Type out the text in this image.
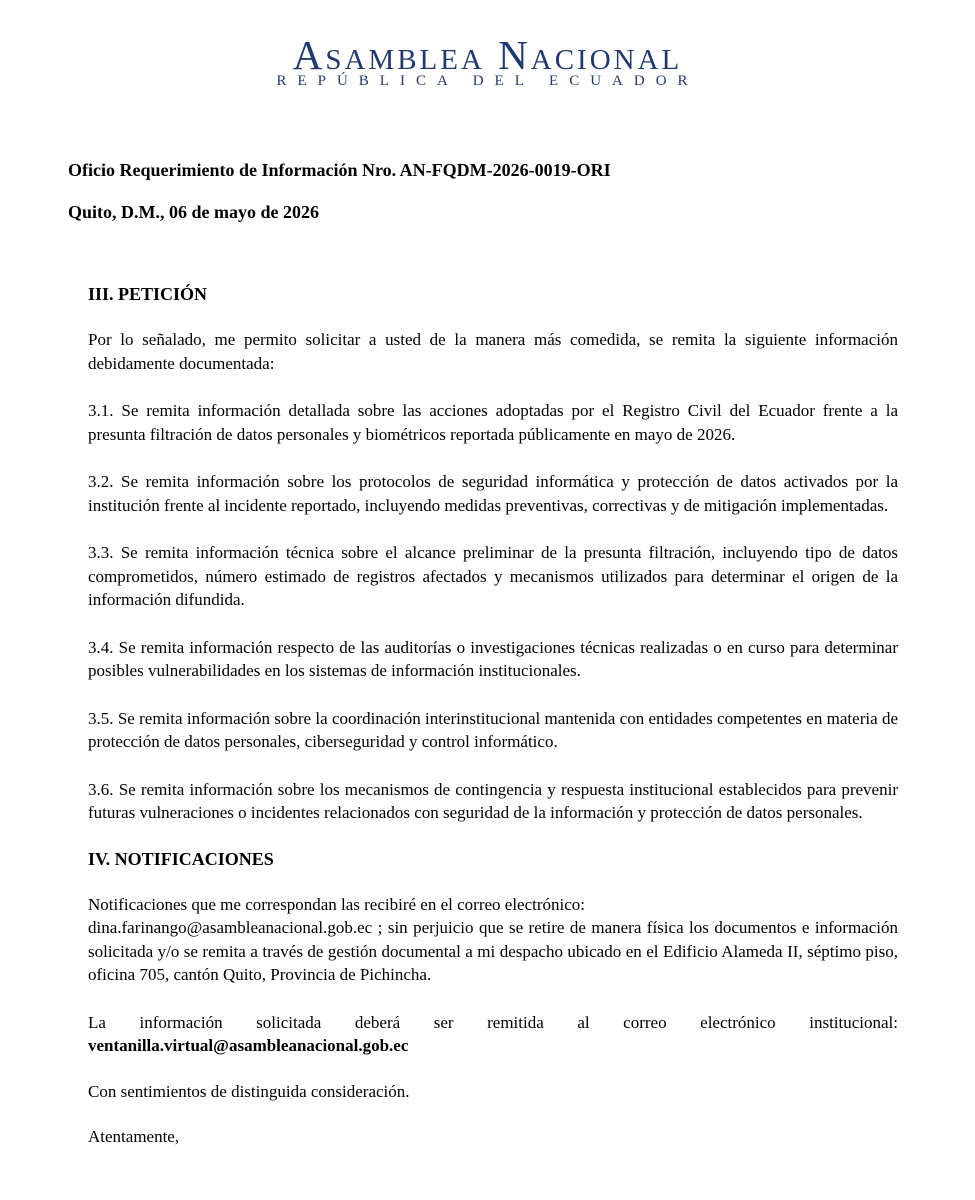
Asamblea Nacional
REPÚBLICA DEL ECUADOR
Oficio Requerimiento de Información Nro. AN-FQDM-2026-0019-ORI
Quito, D.M., 06 de mayo de 2026

III. PETICIÓN

Por lo señalado, me permito solicitar a usted de la manera más comedida, se remita la siguiente información debidamente documentada:

3.1. Se remita información detallada sobre las acciones adoptadas por el Registro Civil del Ecuador frente a la presunta filtración de datos personales y biométricos reportada públicamente en mayo de 2026.

3.2. Se remita información sobre los protocolos de seguridad informática y protección de datos activados por la institución frente al incidente reportado, incluyendo medidas preventivas, correctivas y de mitigación implementadas.

3.3. Se remita información técnica sobre el alcance preliminar de la presunta filtración, incluyendo tipo de datos comprometidos, número estimado de registros afectados y mecanismos utilizados para determinar el origen de la información difundida.

3.4. Se remita información respecto de las auditorías o investigaciones técnicas realizadas o en curso para determinar posibles vulnerabilidades en los sistemas de información institucionales.

3.5. Se remita información sobre la coordinación interinstitucional mantenida con entidades competentes en materia de protección de datos personales, ciberseguridad y control informático.

3.6. Se remita información sobre los mecanismos de contingencia y respuesta institucional establecidos para prevenir futuras vulneraciones o incidentes relacionados con seguridad de la información y protección de datos personales.

IV. NOTIFICACIONES

Notificaciones que me correspondan las recibiré en el correo electrónico:

dina.farinango@asambleanacional.gob.ec ; sin perjuicio que se retire de manera física los documentos e información solicitada y/o se remita a través de gestión documental a mi despacho ubicado en el Edificio Alameda II, séptimo piso, oficina 705, cantón Quito, Provincia de Pichincha.

La información solicitada deberá ser remitida al correo electrónico institucional:

ventanilla.virtual@asambleanacional.gob.ec

Con sentimientos de distinguida consideración.

Atentamente,
